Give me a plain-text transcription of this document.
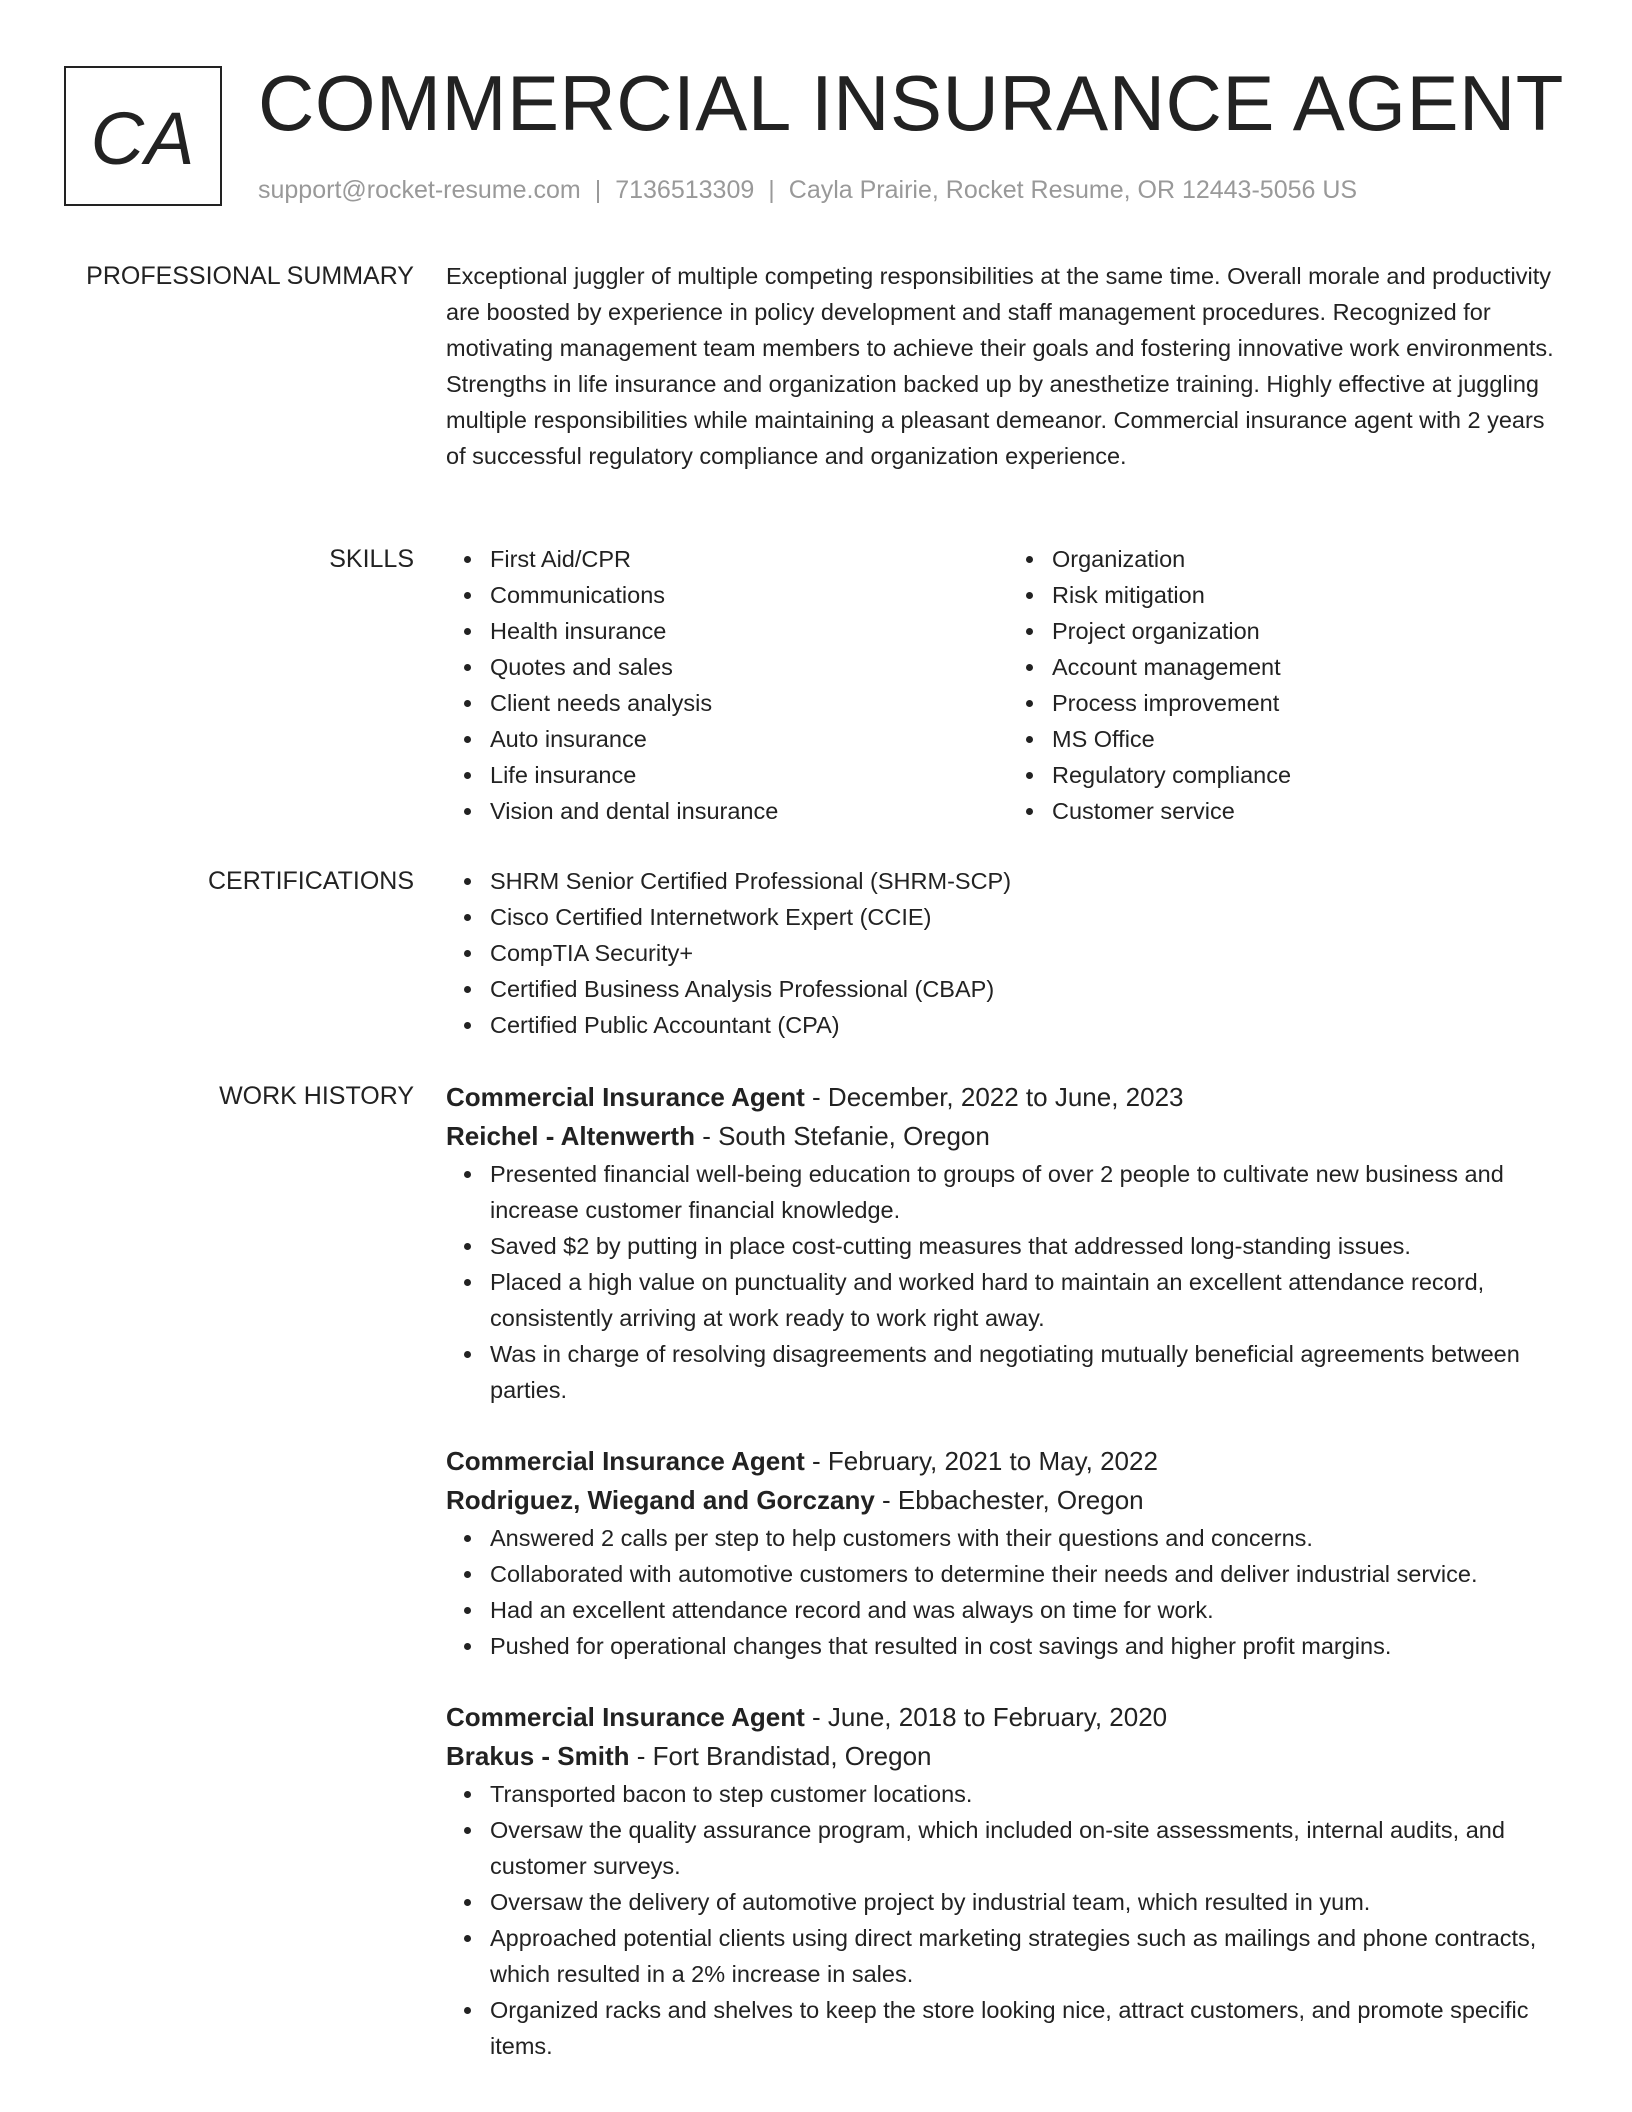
CA COMMERCIAL INSURANCE AGENT
support@rocket-resume.com | 7136513309 | Cayla Prairie, Rocket Resume, OR 12443-5056 US
PROFESSIONAL SUMMARY Exceptional juggler of multiple competing responsibilities at the same time. Overall morale and productivity are boosted by experience in policy development and staff management procedures. Recognized for motivating management team members to achieve their goals and fostering innovative work environments. Strengths in life insurance and organization backed up by anesthetize training. Highly effective at juggling multiple responsibilities while maintaining a pleasant demeanor. Commercial insurance agent with 2 years of successful regulatory compliance and organization experience.

SKILLS	First Aid/CPR
Communications
Health insurance
Quotes and sales
Client needs analysis
Auto insurance
Life insurance
Vision and dental insurance
Organization
Risk mitigation
Project organization
Account management
Process improvement
MS Office
Regulatory compliance
Customer service
CERTIFICATIONS	SHRM Senior Certified Professional (SHRM-SCP)
Cisco Certified Internetwork Expert (CCIE)
CompTIA Security+
Certified Business Analysis Professional (CBAP)
Certified Public Accountant (CPA)
WORK HISTORY Commercial Insurance Agent - December, 2022 to June, 2023
Reichel - Altenwerth - South Stefanie, Oregon
Presented financial well-being education to groups of over 2 people to cultivate new business and increase customer financial knowledge.
Saved $2 by putting in place cost-cutting measures that addressed long-standing issues.
Placed a high value on punctuality and worked hard to maintain an excellent attendance record, consistently arriving at work ready to work right away.
Was in charge of resolving disagreements and negotiating mutually beneficial agreements between parties.
Commercial Insurance Agent - February, 2021 to May, 2022
Rodriguez, Wiegand and Gorczany - Ebbachester, Oregon
Answered 2 calls per step to help customers with their questions and concerns.
Collaborated with automotive customers to determine their needs and deliver industrial service.
Had an excellent attendance record and was always on time for work.
Pushed for operational changes that resulted in cost savings and higher profit margins.
Commercial Insurance Agent - June, 2018 to February, 2020
Brakus - Smith - Fort Brandistad, Oregon
Transported bacon to step customer locations.
Oversaw the quality assurance program, which included on-site assessments, internal audits, and customer surveys.
Oversaw the delivery of automotive project by industrial team, which resulted in yum.
Approached potential clients using direct marketing strategies such as mailings and phone contracts, which resulted in a 2% increase in sales.
Organized racks and shelves to keep the store looking nice, attract customers, and promote specific items.
